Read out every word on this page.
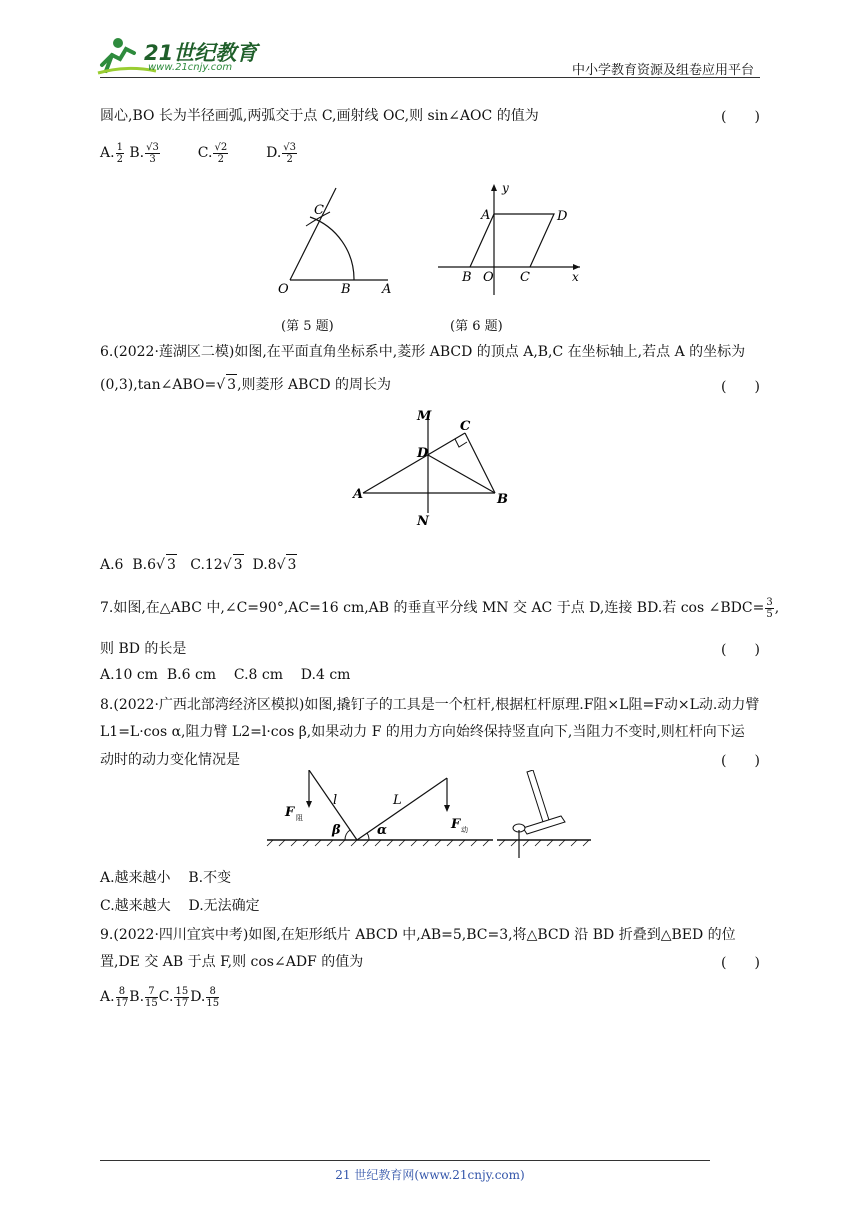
21世纪教育
www.21cnjy.com	中小学教育资源及组卷应用平台
圆心,BO 长为半径画弧,两弧交于点 C,画射线 OC,则 sin∠AOC 的值为	(　　)
A. $\frac{1}{2} B$. $\frac{√3}{3}$	C. $\frac{√2}{2}$	D. $\frac{√3}{2}$
C
O	B A
y
A	D
B O C	x
(第 5 题)	(第 6 题)
6.(2022·莲湖区二模)如图,在平面直角坐标系中,菱形 ABCD 的顶点 A,B,C 在坐标轴上,若点 A 的坐标为
(0,3),tan∠ABO=√ 3,则菱形 ABCD 的周长为	(　　)
M
C
D
A	B
N
A.6 B.6√ 3 C.12√ 3 D.8√ 3
7.如图,在△ABC 中,∠C=90°,AC=16 cm,AB 的垂直平分线 MN 交 AC 于点 D,连接 BD.若 cos ∠BDC= $\frac{3}{5}$ ,
则 BD 的长是	(　　)
A.10 cm  B.6 cm    C.8 cm    D.4 cm
8.(2022·广西北部湾经济区模拟)如图,撬钉子的工具是一个杠杆,根据杠杆原理.F阻×L阻=F动×L动.动力臂
L1=L·cos α,阻力臂 L2=l·cos β,如果动力 F 的用力方向始终保持竖直向下,当阻力不变时,则杠杆向下运
动时的动力变化情况是	(　　)
F 阻
l
β
L
α	F 动
A.越来越小    B.不变
C.越来越大    D.无法确定
9.(2022·四川宜宾中考)如图,在矩形纸片 ABCD 中,AB=5,BC=3,将△BCD 沿 BD 折叠到△BED 的位
置,DE 交 AB 于点 F,则 cos∠ADF 的值为	(　　)
A. $\frac{8}{17} B$. $\frac{7}{15} C$. $\frac{15}{17} D$. $\frac{8}{15}$
21 世纪教育网(www.21cnjy.com)
